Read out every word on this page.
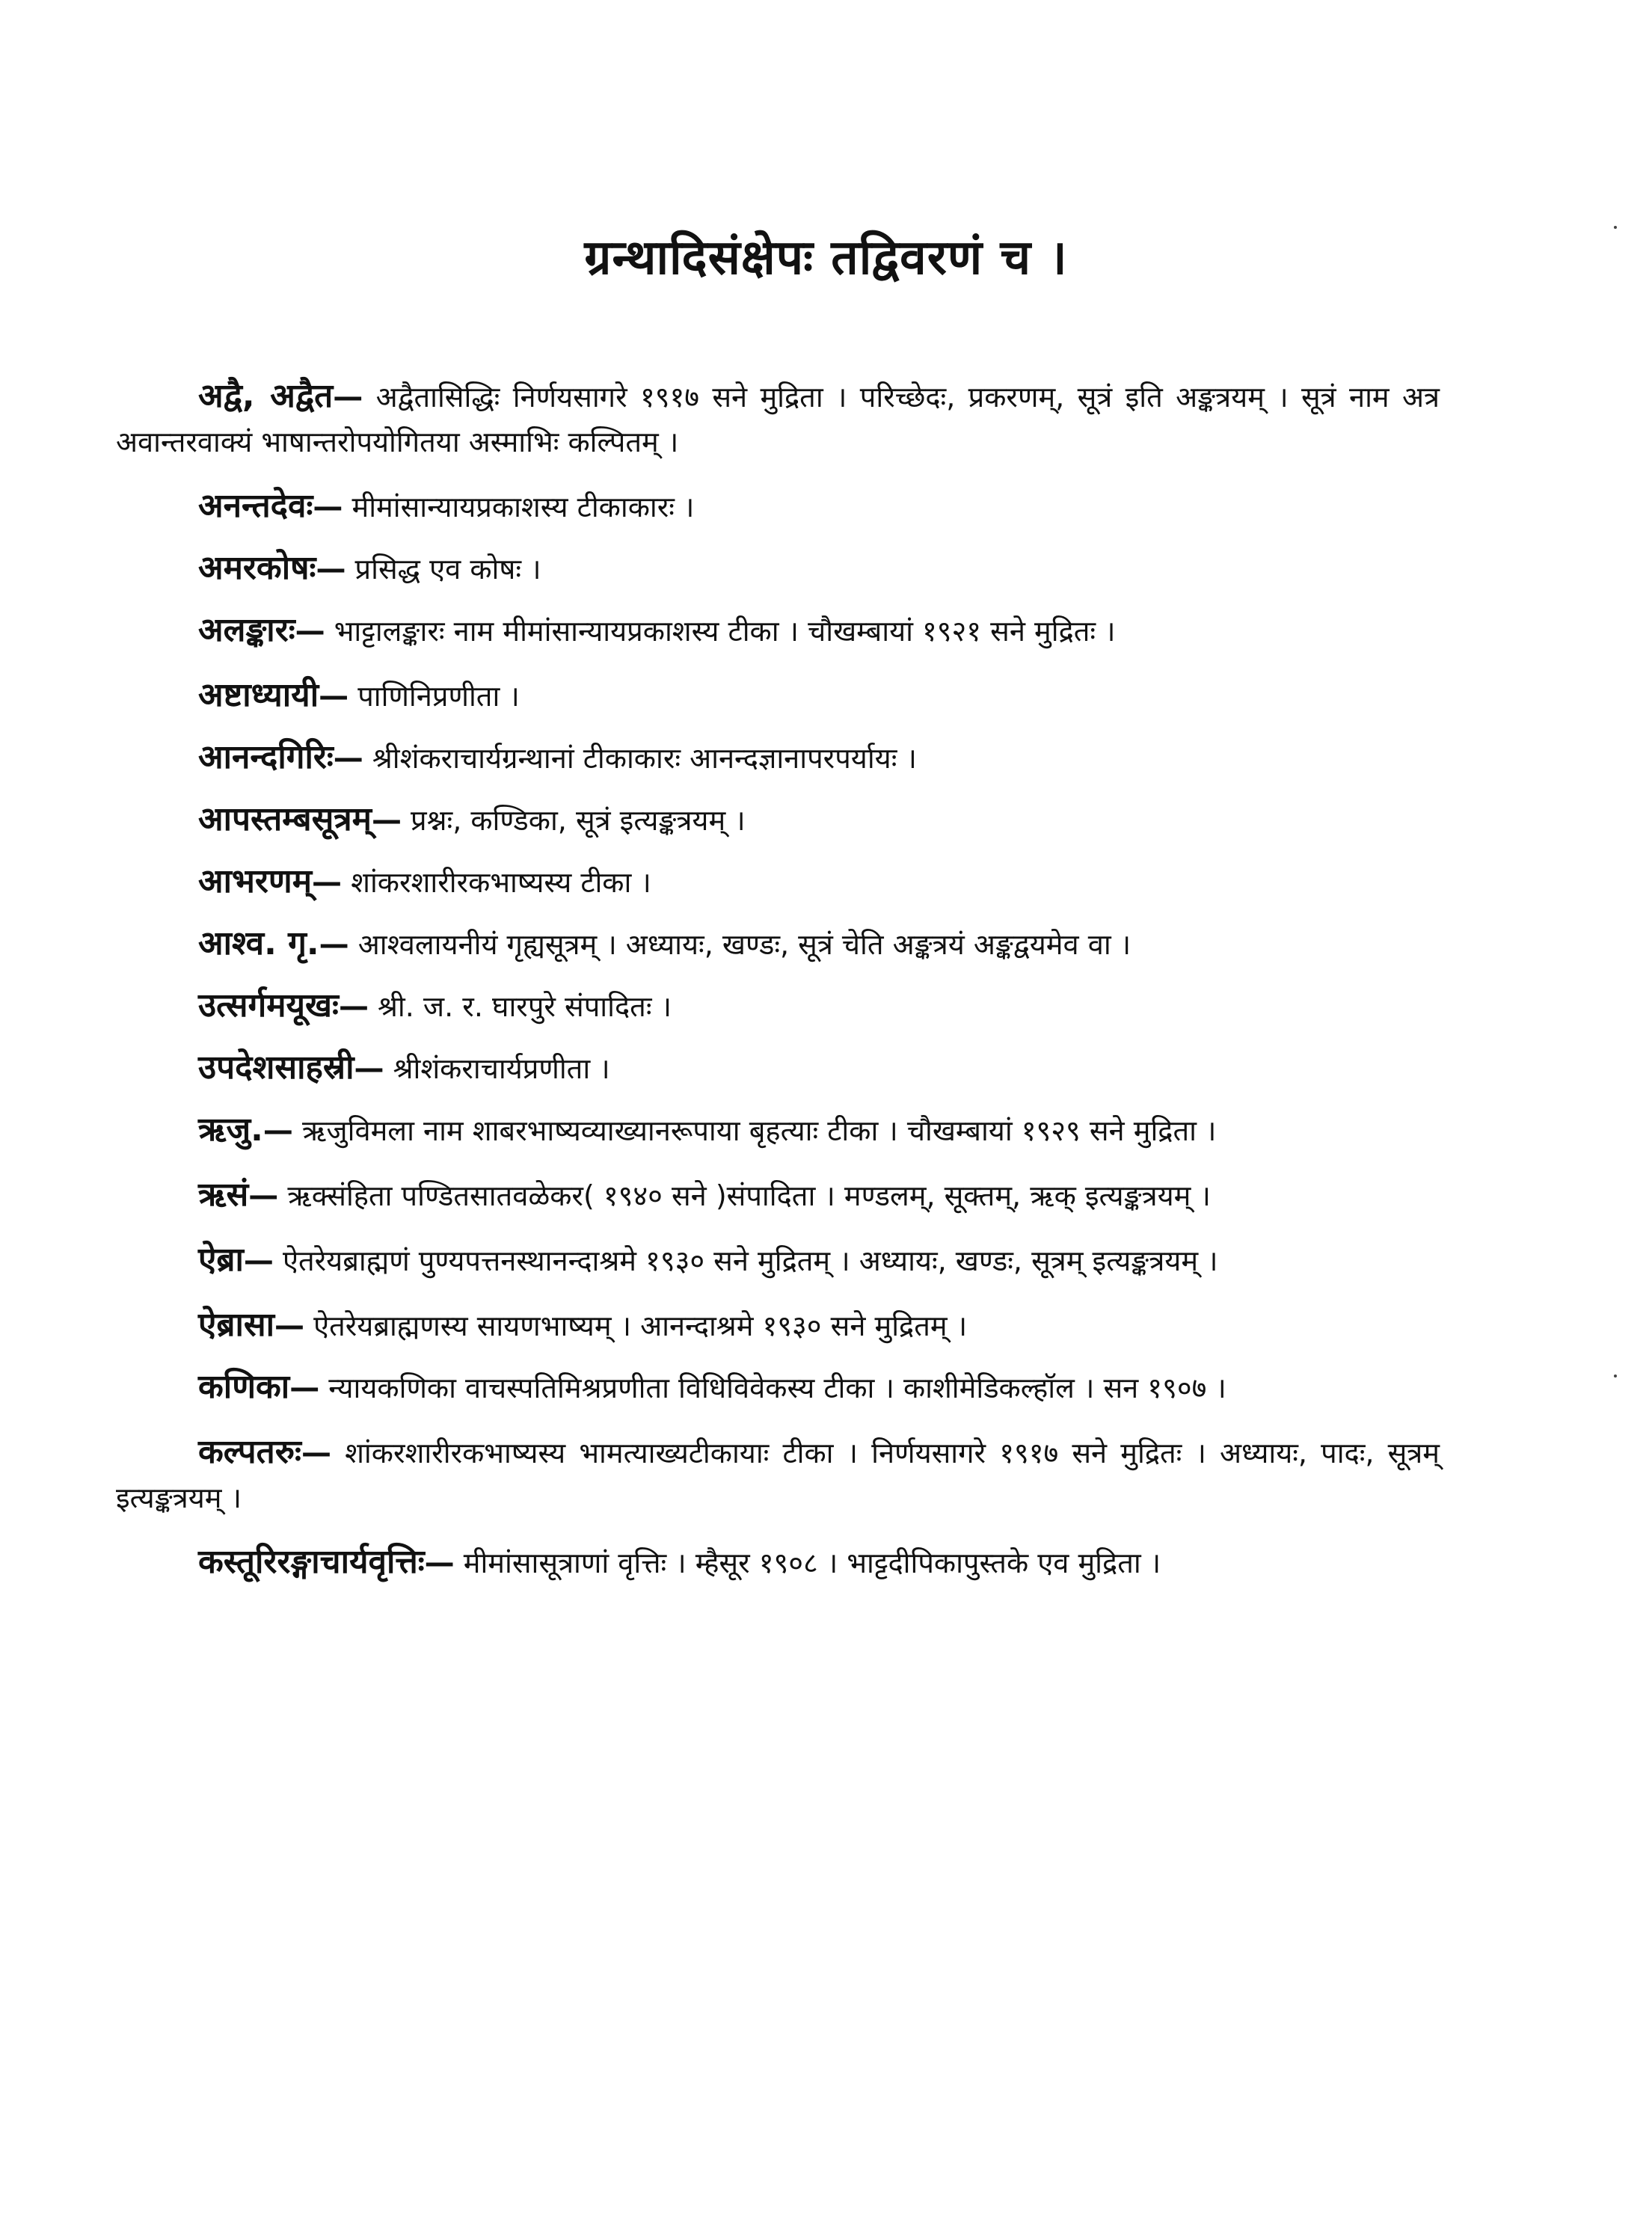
ग्रन्थादिसंक्षेपः तद्विवरणं च ।

अद्वै, अद्वैत— अद्वैतासिद्धिः निर्णयसागरे १९१७ सने मुद्रिता । परिच्छेदः, प्रकरणम्, सूत्रं इति अङ्कत्रयम् । सूत्रं नाम अत्र अवान्तरवाक्यं भाषान्तरोपयोगितया अस्माभिः कल्पितम् ।

अनन्तदेवः— मीमांसान्यायप्रकाशस्य टीकाकारः ।

अमरकोषः— प्रसिद्ध एव कोषः ।

अलङ्कारः— भाट्टालङ्कारः नाम मीमांसान्यायप्रकाशस्य टीका । चौखम्बायां १९२१ सने मुद्रितः ।

अष्टाध्यायी— पाणिनिप्रणीता ।

आनन्दगिरिः— श्रीशंकराचार्यग्रन्थानां टीकाकारः आनन्दज्ञानापरपर्यायः ।

आपस्तम्बसूत्रम्— प्रश्नः, कण्डिका, सूत्रं इत्यङ्कत्रयम् ।

आभरणम्— शांकरशारीरकभाष्यस्य टीका ।

आश्व. गृ.— आश्वलायनीयं गृह्यसूत्रम् । अध्यायः, खण्डः, सूत्रं चेति अङ्कत्रयं अङ्कद्वयमेव वा ।

उत्सर्गमयूखः— श्री. ज. र. घारपुरे संपादितः ।

उपदेशसाहस्री— श्रीशंकराचार्यप्रणीता ।

ऋजु.— ऋजुविमला नाम शाबरभाष्यव्याख्यानरूपाया बृहत्याः टीका । चौखम्बायां १९२९ सने मुद्रिता ।

ऋसं— ऋक्संहिता पण्डितसातवळेकर( १९४० सने )संपादिता । मण्डलम्, सूक्तम्, ऋक् इत्यङ्कत्रयम् ।

ऐब्रा— ऐतरेयब्राह्मणं पुण्यपत्तनस्थानन्दाश्रमे १९३० सने मुद्रितम् । अध्यायः, खण्डः, सूत्रम् इत्यङ्कत्रयम् ।

ऐब्रासा— ऐतरेयब्राह्मणस्य सायणभाष्यम् । आनन्दाश्रमे १९३० सने मुद्रितम् ।

कणिका— न्यायकणिका वाचस्पतिमिश्रप्रणीता विधिविवेकस्य टीका । काशीमेडिकल्हॉल । सन १९०७ ।

कल्पतरुः— शांकरशारीरकभाष्यस्य भामत्याख्यटीकायाः टीका । निर्णयसागरे १९१७ सने मुद्रितः । अध्यायः, पादः, सूत्रम् इत्यङ्कत्रयम् ।

कस्तूरिरङ्गाचार्यवृत्तिः— मीमांसासूत्राणां वृत्तिः । म्हैसूर १९०८ । भाट्टदीपिकापुस्तके एव मुद्रिता ।
